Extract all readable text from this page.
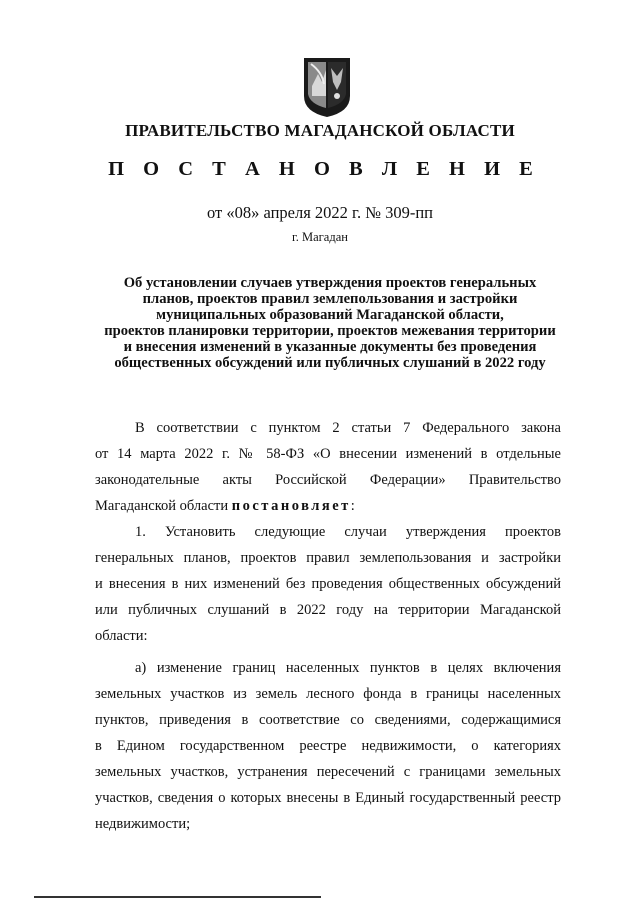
ПРАВИТЕЛЬСТВО МАГАДАНСКОЙ ОБЛАСТИ
П О С Т А Н О В Л Е Н И Е
от «08» апреля 2022 г. № 309-пп
г. Магадан
Об установлении случаев утверждения проектов генеральных
планов, проектов правил землепользования и застройки
муниципальных образований Магаданской области,
проектов планировки территории, проектов межевания территории
и внесения изменений в указанные документы без проведения
общественных обсуждений или публичных слушаний в 2022 году
В соответствии с пунктом 2 статьи 7 Федерального закона
от 14 марта 2022 г. № 58-ФЗ «О внесении изменений в отдельные
законодательные акты Российской Федерации» Правительство
Магаданской области постановляет:
1. Установить следующие случаи утверждения проектов
генеральных планов, проектов правил землепользования и застройки
и внесения в них изменений без проведения общественных обсуждений
или публичных слушаний в 2022 году на территории Магаданской
области:
а) изменение границ населенных пунктов в целях включения
земельных участков из земель лесного фонда в границы населенных
пунктов, приведения в соответствие со сведениями, содержащимися
в Едином государственном реестре недвижимости, о категориях
земельных участков, устранения пересечений с границами земельных
участков, сведения о которых внесены в Единый государственный реестр
недвижимости;
